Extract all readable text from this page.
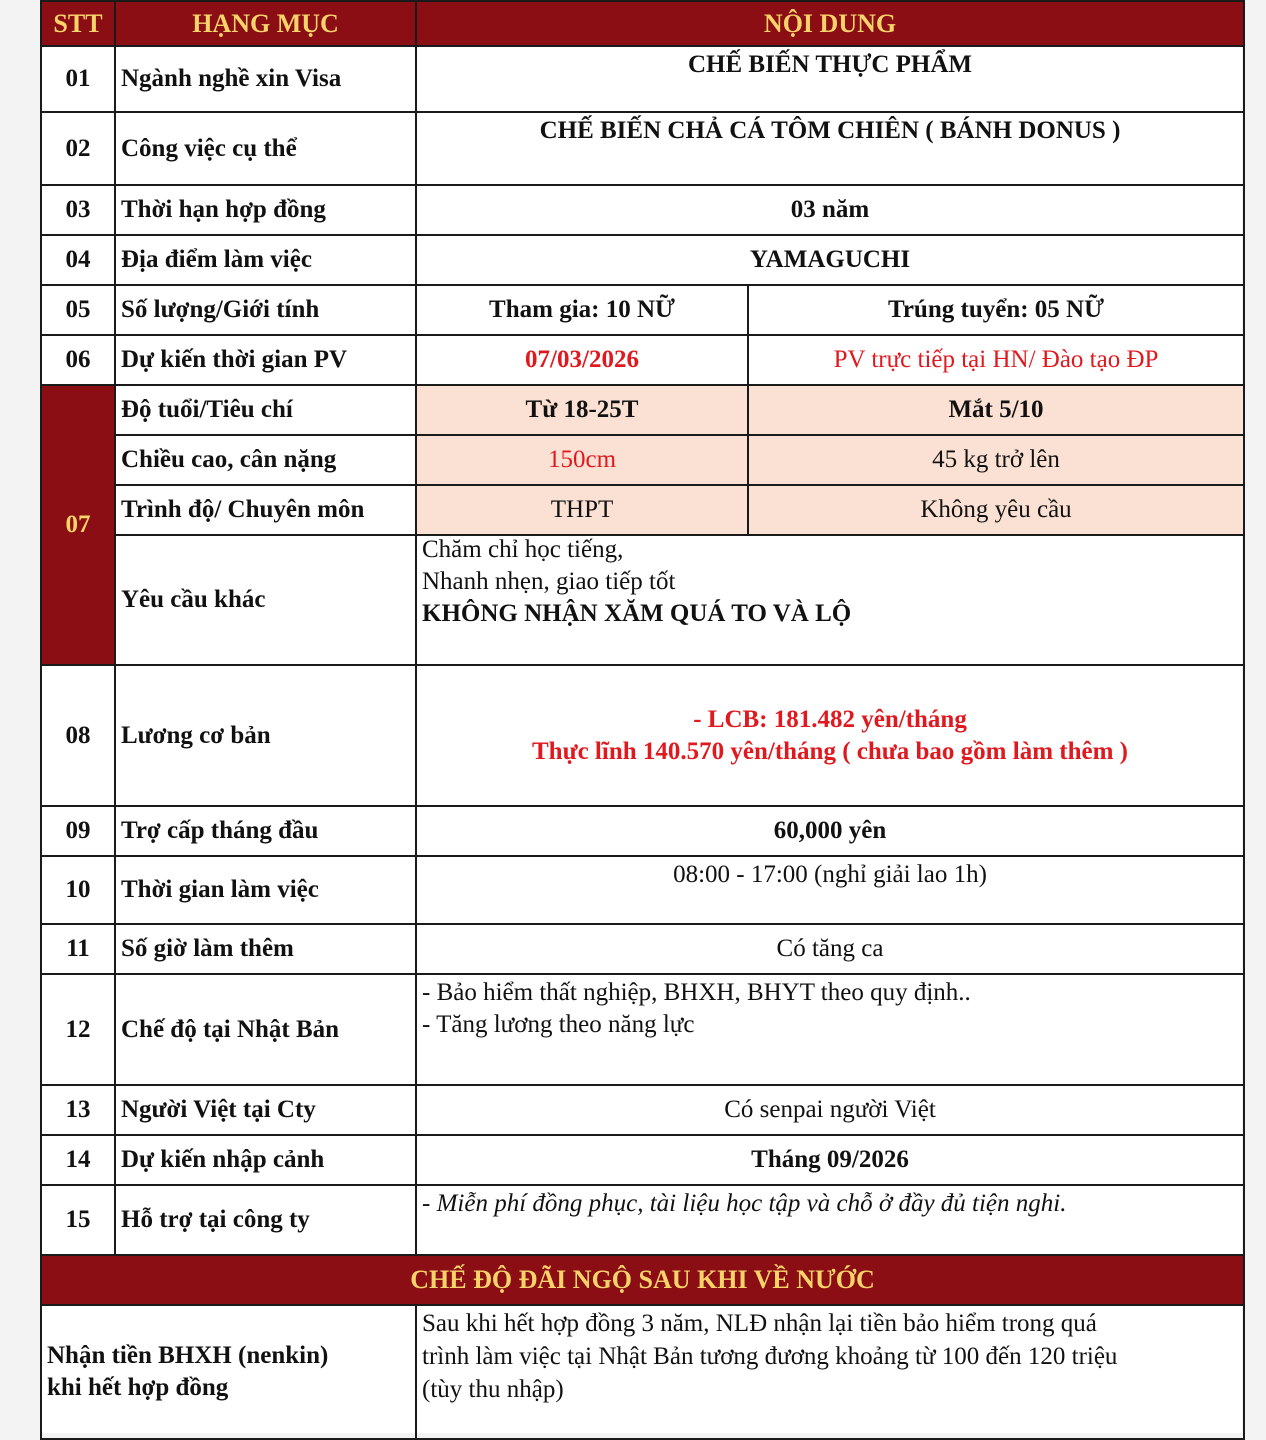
STT	HẠNG MỤC	NỘI DUNG	
01	Ngành nghề xin Visa	CHẾ BIẾN THỰC PHẨM	
02	Công việc cụ thể	CHẾ BIẾN CHẢ CÁ TÔM CHIÊN ( BÁNH DONUS )	
03	Thời hạn hợp đồng	03 năm	
04	Địa điểm làm việc	YAMAGUCHI	
05	Số lượng/Giới tính	Tham gia: 10 NỮ	Trúng tuyển: 05 NỮ
06	Dự kiến thời gian PV	07/03/2026	PV trực tiếp tại HN/ Đào tạo ĐP
07	Độ tuổi/Tiêu chí	Từ 18-25T	Mắt 5/10
	Chiều cao, cân nặng	150cm	45 kg trở lên
	Trình độ/ Chuyên môn	THPT	Không yêu cầu
	Yêu cầu khác	Chăm chỉ học tiếng,
Nhanh nhẹn, giao tiếp tốt
KHÔNG NHẬN XĂM QUÁ TO VÀ LỘ	

08	Lương cơ bản	- LCB: 181.482 yên/tháng
Thực lĩnh 140.570 yên/tháng ( chưa bao gồm làm thêm )	

09	Trợ cấp tháng đầu	60,000 yên	
10	Thời gian làm việc	08:00 - 17:00 (nghỉ giải lao 1h)	
11	Số giờ làm thêm	Có tăng ca	
12	Chế độ tại Nhật Bản	- Bảo hiểm thất nghiệp, BHXH, BHYT theo quy định..
- Tăng lương theo năng lực	

13	Người Việt tại Cty	Có senpai người Việt	
14	Dự kiến nhập cảnh	Tháng 09/2026	
15	Hỗ trợ tại công ty	- Miễn phí đồng phục, tài liệu học tập và chỗ ở đầy đủ tiện nghi.	
CHẾ ĐỘ ĐÃI NGỘ SAU KHI VỀ NƯỚC			

Nhận tiền BHXH (nenkin)
khi hết hợp đồng		Sau khi hết hợp đồng 3 năm, NLĐ nhận lại tiền bảo hiểm trong quá
trình làm việc tại Nhật Bản tương đương khoảng từ 100 đến 120 triệu
(tùy thu nhập)	
